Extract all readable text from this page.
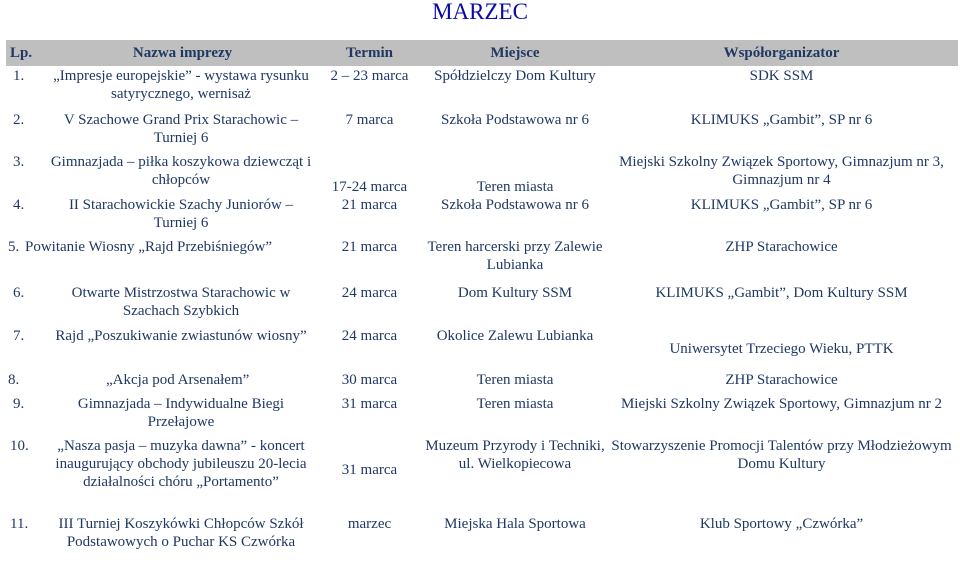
MARZEC
Lp. Nazwa imprezy	Termin	Miejsce	Współorganizator

1. „Impresje europejskie” - wystawa rysunku satyrycznego, wernisaż	2 – 23 marca	Spółdzielczy Dom Kultury	SDK SSM

2. V Szachowe Grand Prix Starachowic – Turniej 6	7 marca	Szkoła Podstawowa nr 6	KLIMUKS „Gambit”, SP nr 6

3. Gimnazjada – piłka koszykowa dziewcząt i chłopców	17-24 marca	Teren miasta	Miejski Szkolny Związek Sportowy, Gimnazjum nr 3, Gimnazjum nr 4

4. II Starachowickie Szachy Juniorów – Turniej 6	21 marca	Szkoła Podstawowa nr 6	KLIMUKS „Gambit”, SP nr 6

5. Powitanie Wiosny „Rajd Przebiśniegów”	21 marca	Teren harcerski przy Zalewie Lubianka	ZHP Starachowice

6. Otwarte Mistrzostwa Starachowic w Szachach Szybkich	24 marca	Dom Kultury SSM	KLIMUKS „Gambit”, Dom Kultury SSM

7. Rajd „Poszukiwanie zwiastunów wiosny”	24 marca	Okolice Zalewu Lubianka	Uniwersytet Trzeciego Wieku, PTTK

8. „Akcja pod Arsenałem”	30 marca	Teren miasta	ZHP Starachowice

9. Gimnazjada – Indywidualne Biegi Przełajowe	31 marca	Teren miasta	Miejski Szkolny Związek Sportowy, Gimnazjum nr 2

10. „Nasza pasja – muzyka dawna” - koncert inaugurujący obchody jubileuszu 20-lecia działalności chóru „Portamento”	31 marca	Muzeum Przyrody i Techniki, ul. Wielkopiecowa	Stowarzyszenie Promocji Talentów przy Młodzieżowym Domu Kultury

11. III Turniej Koszykówki Chłopców Szkół Podstawowych o Puchar KS Czwórka	marzec	Miejska Hala Sportowa	Klub Sportowy „Czwórka”
